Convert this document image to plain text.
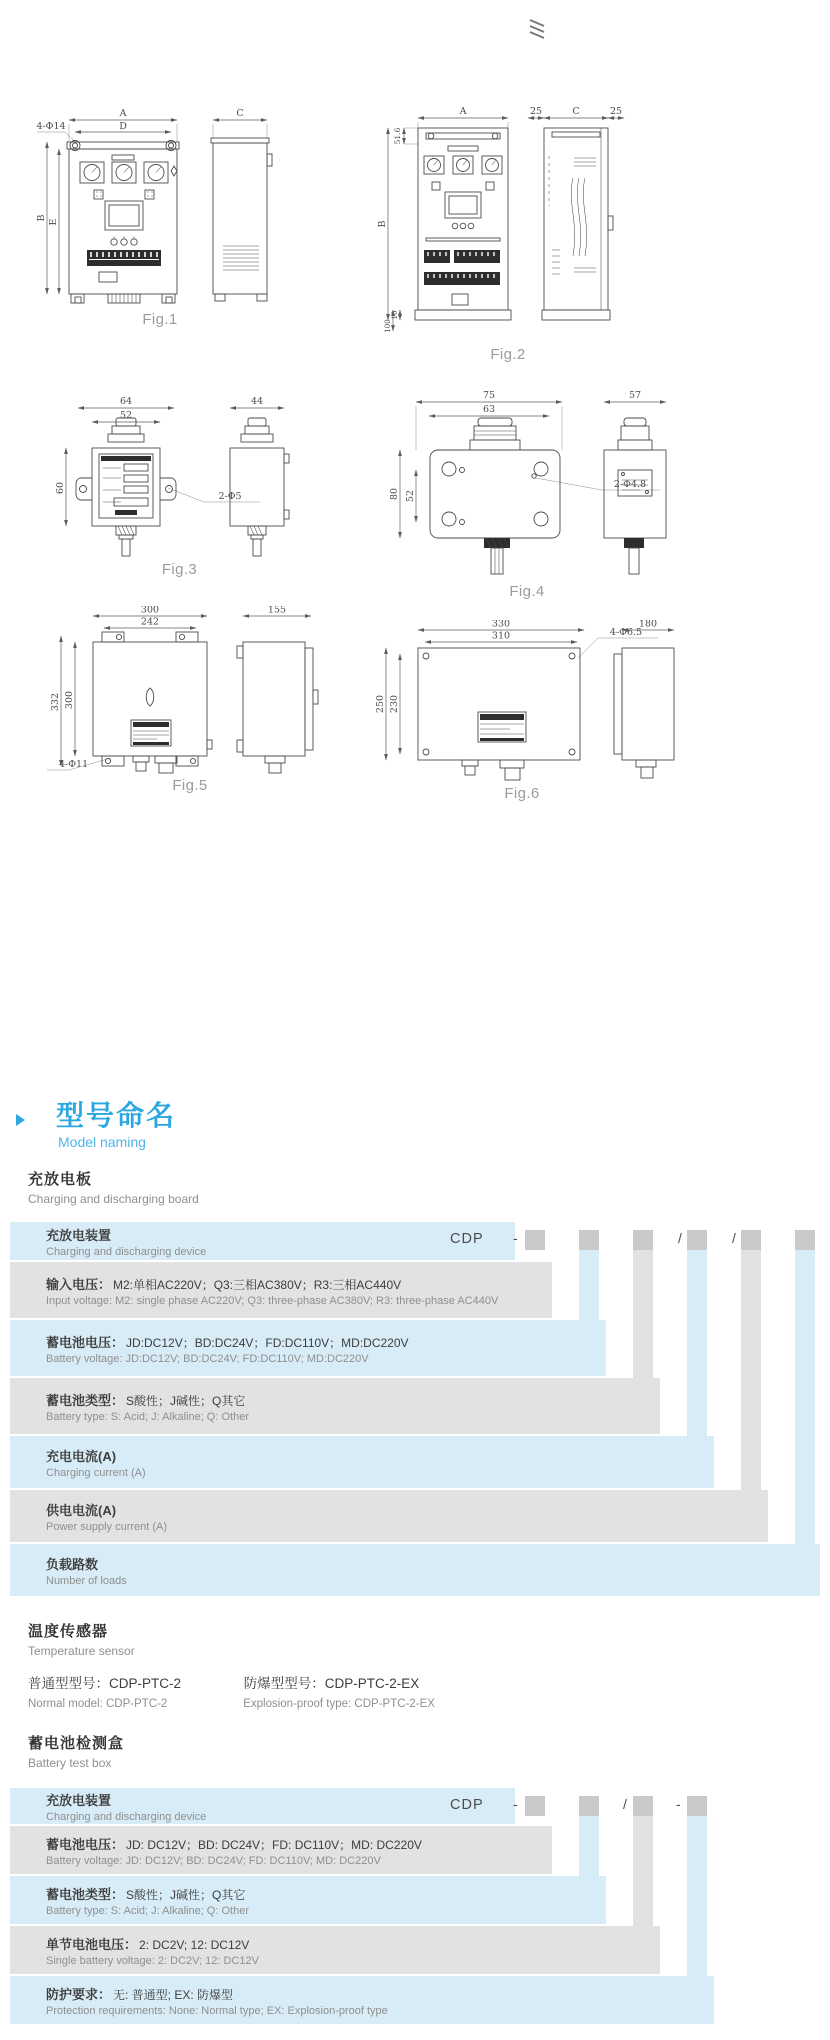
A
D
4-Φ14
B
E
C
Fig.1
A
51.6
B
10
100
25	C	25
Fig.2
64
52
60
2-Φ5
44
Fig.3
75
63
80 52
2-Φ4.8
57
Fig.4
300
242
332 300
4-Φ11
155
Fig.5
330
310
250 230
4-Φ6.5
180
Fig.6
型号命名
Model naming
充放电板
Charging and discharging board
充放电装置
Charging and discharging device
输入电压： M2:单相AC220V；Q3:三相AC380V；R3:三相AC440V
Input voltage: M2: single phase AC220V; Q3: three-phase AC380V; R3: three-phase AC440V
蓄电池电压： JD:DC12V；BD:DC24V；FD:DC110V；MD:DC220V
Battery voltage: JD:DC12V; BD:DC24V; FD:DC110V; MD:DC220V
蓄电池类型： S酸性；J碱性；Q其它
Battery type: S: Acid; J: Alkaline; Q: Other
充电电流(A)
Charging current (A)
供电电流(A)
Power supply current (A)
负载路数
Number of loads
CDP -	/	/
温度传感器
Temperature sensor
普通型型号：CDP-PTC-2	防爆型型号：CDP-PTC-2-EX
Normal model: CDP-PTC-2	Explosion-proof type: CDP-PTC-2-EX
蓄电池检测盒
Battery test box
充放电装置
Charging and discharging device
蓄电池电压： JD: DC12V；BD: DC24V；FD: DC110V；MD: DC220V
Battery voltage: JD: DC12V; BD: DC24V; FD: DC110V; MD: DC220V
蓄电池类型： S酸性；J碱性；Q其它
Battery type: S: Acid; J: Alkaline; Q: Other
单节电池电压： 2: DC2V; 12: DC12V
Single battery voltage: 2: DC2V; 12: DC12V
防护要求： 无: 普通型; EX: 防爆型
Protection requirements: None: Normal type; EX: Explosion-proof type
CDP -	/	-
